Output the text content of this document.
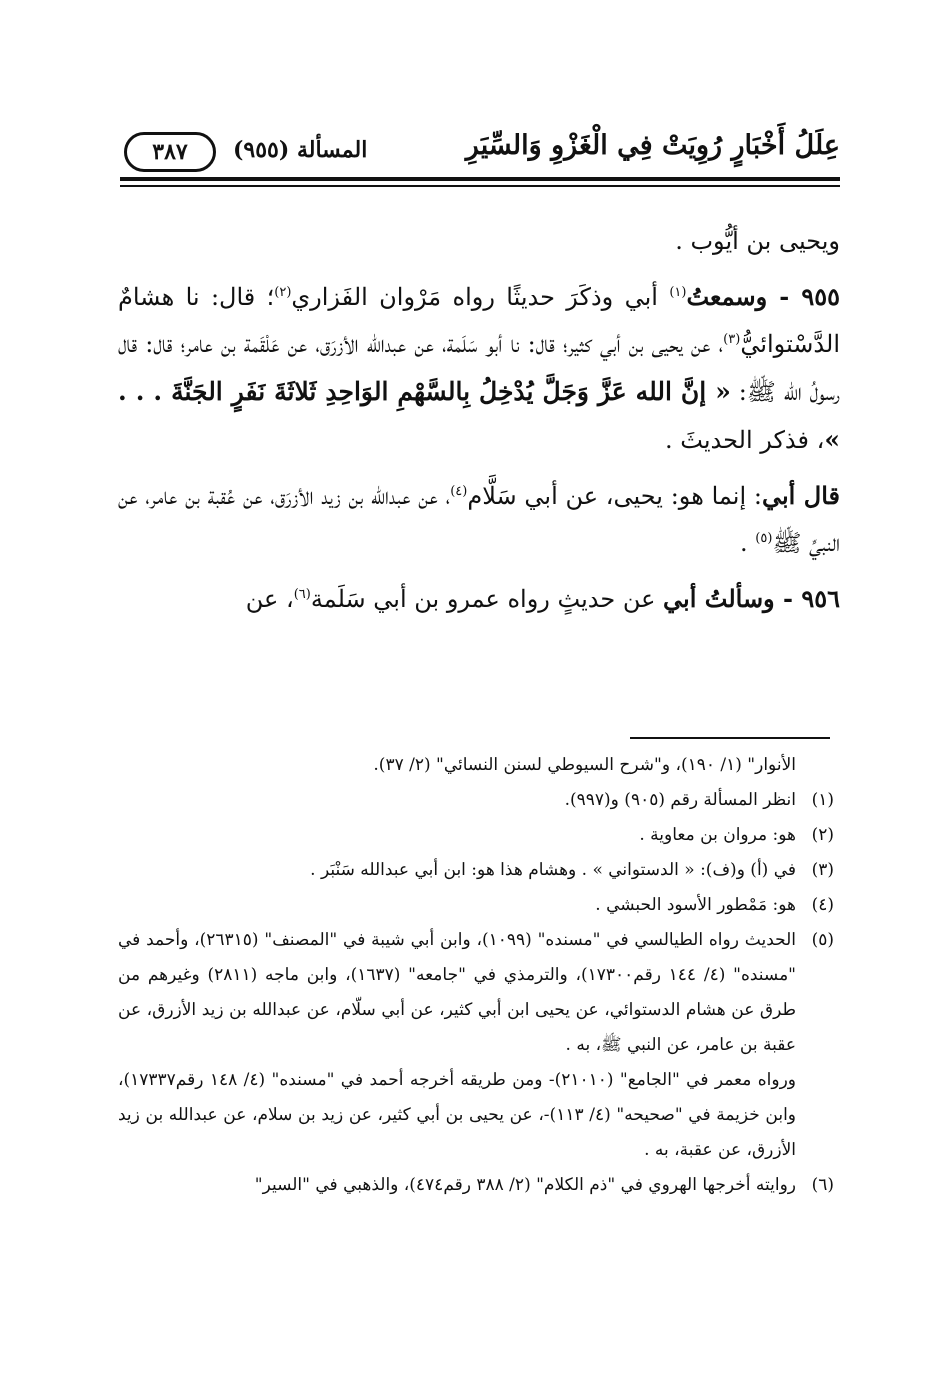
عِلَلُ أَخْبَارٍ رُوِيَتْ فِي الْغَزْوِ وَالسِّيَرِ
المسألة (٩٥٥)
٣٨٧

ويحيى بن أيُّوب .

٩٥٥ - وسمعتُ$^{(١)}$ أبي وذكَرَ حديثًا رواه مَرْوان الفَزاري$^{(٢)}$؛ قال: نا هشامٌ الدَّسْتوائيُّ$^{(٣)}$، عن يحيى بن أبي كثير؛ قال: نا أبو سَلَمة، عن عبدالله الأزرَق، عن عَلْقَمة بن عامر؛ قال: قال رسولُ الله ﷺ: « إنَّ الله عَزَّ وَجَلَّ يُدْخِلُ بِالسَّهْمِ الوَاحِدِ ثَلاثَةَ نَفَرٍ الجَنَّةَ . . . »، فذكر الحديثَ .

قال أبي: إنما هو: يحيى، عن أبي سَلَّام$^{(٤)}$، عن عبدالله بن زيد الأزرَق، عن عُقبة بن عامر، عن النبيِّ ﷺ$^{(٥)}$ .

٩٥٦ - وسألتُ أبي عن حديثٍ رواه عمرو بن أبي سَلَمة$^{(٦)}$، عن

الأنوار" (١/ ١٩٠)، و"شرح السيوطي لسنن النسائي" (٢/ ٣٧).

(١)
انظر المسألة رقم (٩٠٥) و(٩٩٧).
(٢)
هو: مروان بن معاوية .
(٣)
في (أ) و(ف): « الدستواني » . وهشام هذا هو: ابن أبي عبدالله سَنْبَر .
(٤)
هو: مَمْطور الأسود الحبشي .
(٥)
الحديث رواه الطيالسي في "مسنده" (١٠٩٩)، وابن أبي شيبة في "المصنف" (٢٦٣١٥)، وأحمد في "مسنده" (٤/ ١٤٤ رقم١٧٣٠٠)، والترمذي في "جامعه" (١٦٣٧)، وابن ماجه (٢٨١١) وغيرهم من طرق عن هشام الدستوائي، عن يحيى ابن أبي كثير، عن أبي سلّام، عن عبدالله بن زيد الأزرق، عن عقبة بن عامر، عن النبي ﷺ، به .

ورواه معمر في "الجامع" (٢١٠١٠)- ومن طريقه أخرجه أحمد في "مسنده" (٤/ ١٤٨ رقم١٧٣٣٧)، وابن خزيمة في "صحيحه" (٤/ ١١٣)-، عن يحيى بن أبي كثير، عن زيد بن سلام، عن عبدالله بن زيد الأزرق، عن عقبة، به .

(٦)
روايته أخرجها الهروي في "ذم الكلام" (٢/ ٣٨٨ رقم٤٧٤)، والذهبي في "السير"
